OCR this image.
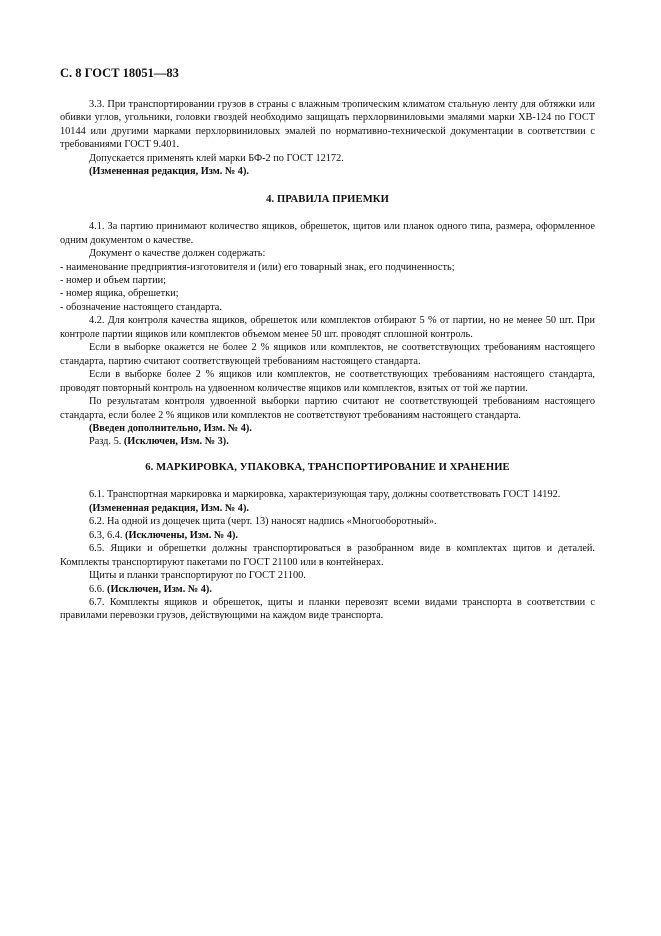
С. 8 ГОСТ 18051—83

3.3. При транспортировании грузов в страны с влажным тропическим климатом стальную ленту для обтяжки или обивки углов, угольники, головки гвоздей необходимо защищать перхлорвиниловыми эмалями марки ХВ-124 по ГОСТ 10144 или другими марками перхлорвиниловых эмалей по нормативно-технической документации в соответствии с требованиями ГОСТ 9.401.

Допускается применять клей марки БФ-2 по ГОСТ 12172.

(Измененная редакция, Изм. № 4).

4. ПРАВИЛА ПРИЕМКИ

4.1. За партию принимают количество ящиков, обрешеток, щитов или планок одного типа, размера, оформленное одним документом о качестве.

Документ о качестве должен содержать:

- наименование предприятия-изготовителя и (или) его товарный знак, его подчиненность;

- номер и объем партии;

- номер ящика, обрешетки;

- обозначение настоящего стандарта.

4.2. Для контроля качества ящиков, обрешеток или комплектов отбирают 5 % от партии, но не менее 50 шт. При контроле партии ящиков или комплектов объемом менее 50 шт. проводят сплошной контроль.

Если в выборке окажется не более 2 % ящиков или комплектов, не соответствующих требованиям настоящего стандарта, партию считают соответствующей требованиям настоящего стандарта.

Если в выборке более 2 % ящиков или комплектов, не соответствующих требованиям настоящего стандарта, проводят повторный контроль на удвоенном количестве ящиков или комплектов, взятых от той же партии.

По результатам контроля удвоенной выборки партию считают не соответствующей требованиям настоящего стандарта, если более 2 % ящиков или комплектов не соответствуют требованиям настоящего стандарта.

(Введен дополнительно, Изм. № 4).

Разд. 5. (Исключен, Изм. № 3).

6. МАРКИРОВКА, УПАКОВКА, ТРАНСПОРТИРОВАНИЕ И ХРАНЕНИЕ

6.1. Транспортная маркировка и маркировка, характеризующая тару, должны соответствовать ГОСТ 14192.

(Измененная редакция, Изм. № 4).

6.2. На одной из дощечек щита (черт. 13) наносят надпись «Многооборотный».

6.3, 6.4. (Исключены, Изм. № 4).

6.5. Ящики и обрешетки должны транспортироваться в разобранном виде в комплектах щитов и деталей. Комплекты транспортируют пакетами по ГОСТ 21100 или в контейнерах.

Щиты и планки транспортируют по ГОСТ 21100.

6.6. (Исключен, Изм. № 4).

6.7. Комплекты ящиков и обрешеток, щиты и планки перевозят всеми видами транспорта в соответствии с правилами перевозки грузов, действующими на каждом виде транспорта.
